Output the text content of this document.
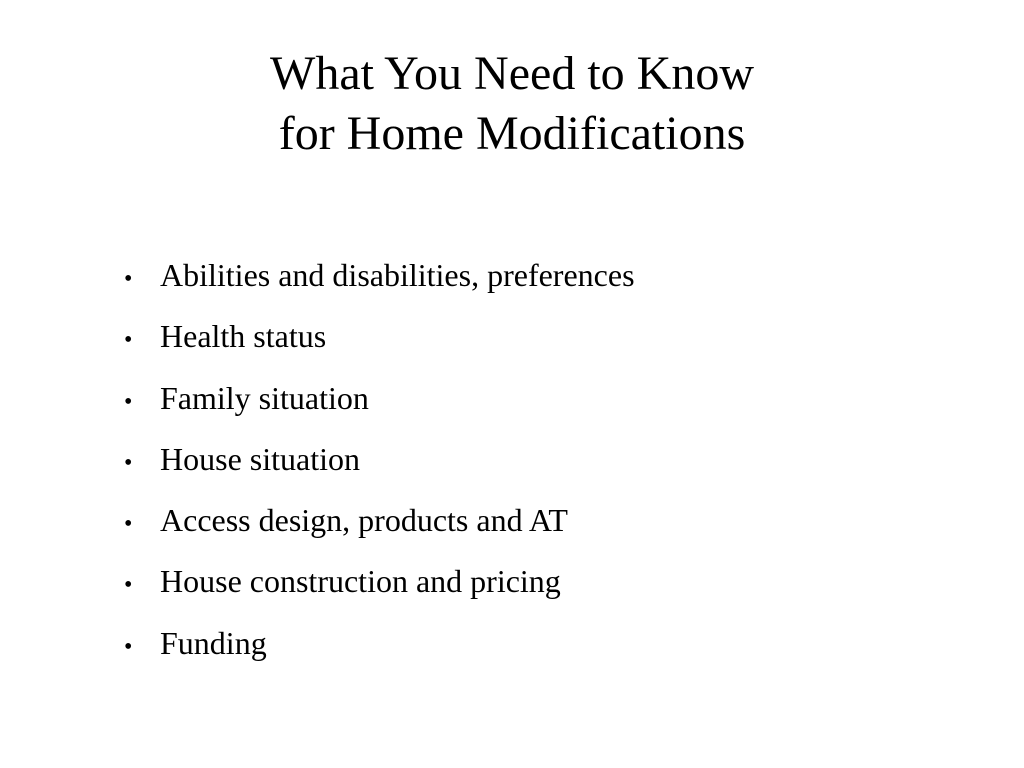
What You Need to Know
for Home Modifications
• Abilities and disabilities, preferences
• Health status
• Family situation
• House situation
• Access design, products and AT
• House construction and pricing
• Funding
